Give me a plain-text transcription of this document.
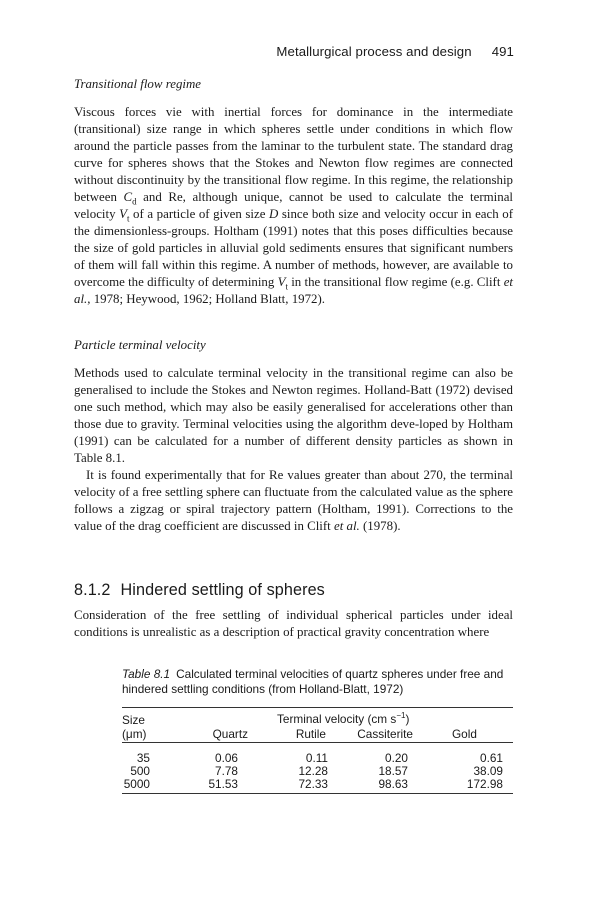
Metallurgical process and design 491
Transitional flow regime

Viscous forces vie with inertial forces for dominance in the intermediate (transitional) size range in which spheres settle under conditions in which flow around the particle passes from the laminar to the turbulent state. The standard drag curve for spheres shows that the Stokes and Newton flow regimes are connected without discontinuity by the transitional flow regime. In this regime, the relationship between $C_d$ and Re, although unique, cannot be used to calculate the terminal velocity $V_t$ of a particle of given size D since both size and velocity occur in each of the dimensionless-groups. Holtham (1991) notes that this poses difficulties because the size of gold particles in alluvial gold sediments ensures that significant numbers of them will fall within this regime. A number of methods, however, are available to overcome the difficulty of determining $V_t$ in the transitional flow regime (e.g. Clift et al., 1978; Heywood, 1962; Holland Blatt, 1972).

Particle terminal velocity

Methods used to calculate terminal velocity in the transitional regime can also be generalised to include the Stokes and Newton regimes. Holland-Batt (1972) devised one such method, which may also be easily generalised for accelerations other than those due to gravity. Terminal velocities using the algorithm deve-loped by Holtham (1991) can be calculated for a number of different density particles as shown in Table 8.1.

It is found experimentally that for Re values greater than about 270, the terminal velocity of a free settling sphere can fluctuate from the calculated value as the sphere follows a zigzag or spiral trajectory pattern (Holtham, 1991). Corrections to the value of the drag coefficient are discussed in Clift et al. (1978).

8.1.2 Hindered settling of spheres

Consideration of the free settling of individual spherical particles under ideal conditions is unrealistic as a description of practical gravity concentration where

Table 8.1 Calculated terminal velocities of quartz spheres under free and hindered settling conditions (from Holland-Blatt, 1972)
Size
(μm)
Terminal velocity (cm $s^{-1}$)
Quartz	Rutile	Cassiterite	Gold
35	0.06	0.11	0.20	0.61
500	7.78	12.28	18.57	38.09
5000	51.53	72.33	98.63	172.98
